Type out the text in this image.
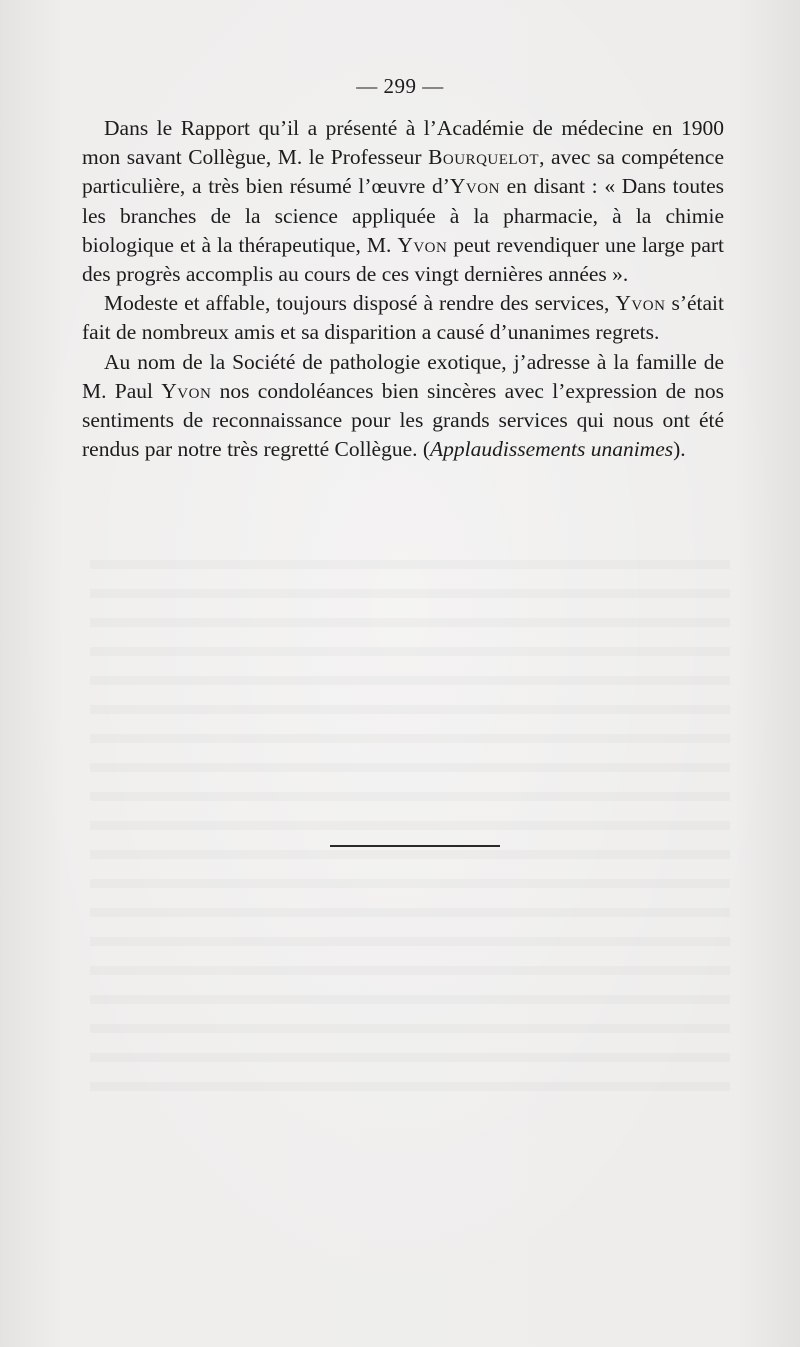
— 299 —

Dans le Rapport qu’il a présenté à l’Académie de médecine en 1900 mon savant Collègue, M. le Professeur Bourquelot, avec sa compétence particulière, a très bien résumé l’œuvre d’Yvon en disant : « Dans toutes les branches de la science appliquée à la pharmacie, à la chimie biologique et à la thérapeutique, M. Yvon peut revendiquer une large part des progrès accomplis au cours de ces vingt dernières années ».

Modeste et affable, toujours disposé à rendre des services, Yvon s’était fait de nombreux amis et sa disparition a causé d’unanimes regrets.

Au nom de la Société de pathologie exotique, j’adresse à la famille de M. Paul Yvon nos condoléances bien sincères avec l’expression de nos sentiments de reconnaissance pour les grands services qui nous ont été rendus par notre très regretté Collègue. (Applaudissements unanimes).
